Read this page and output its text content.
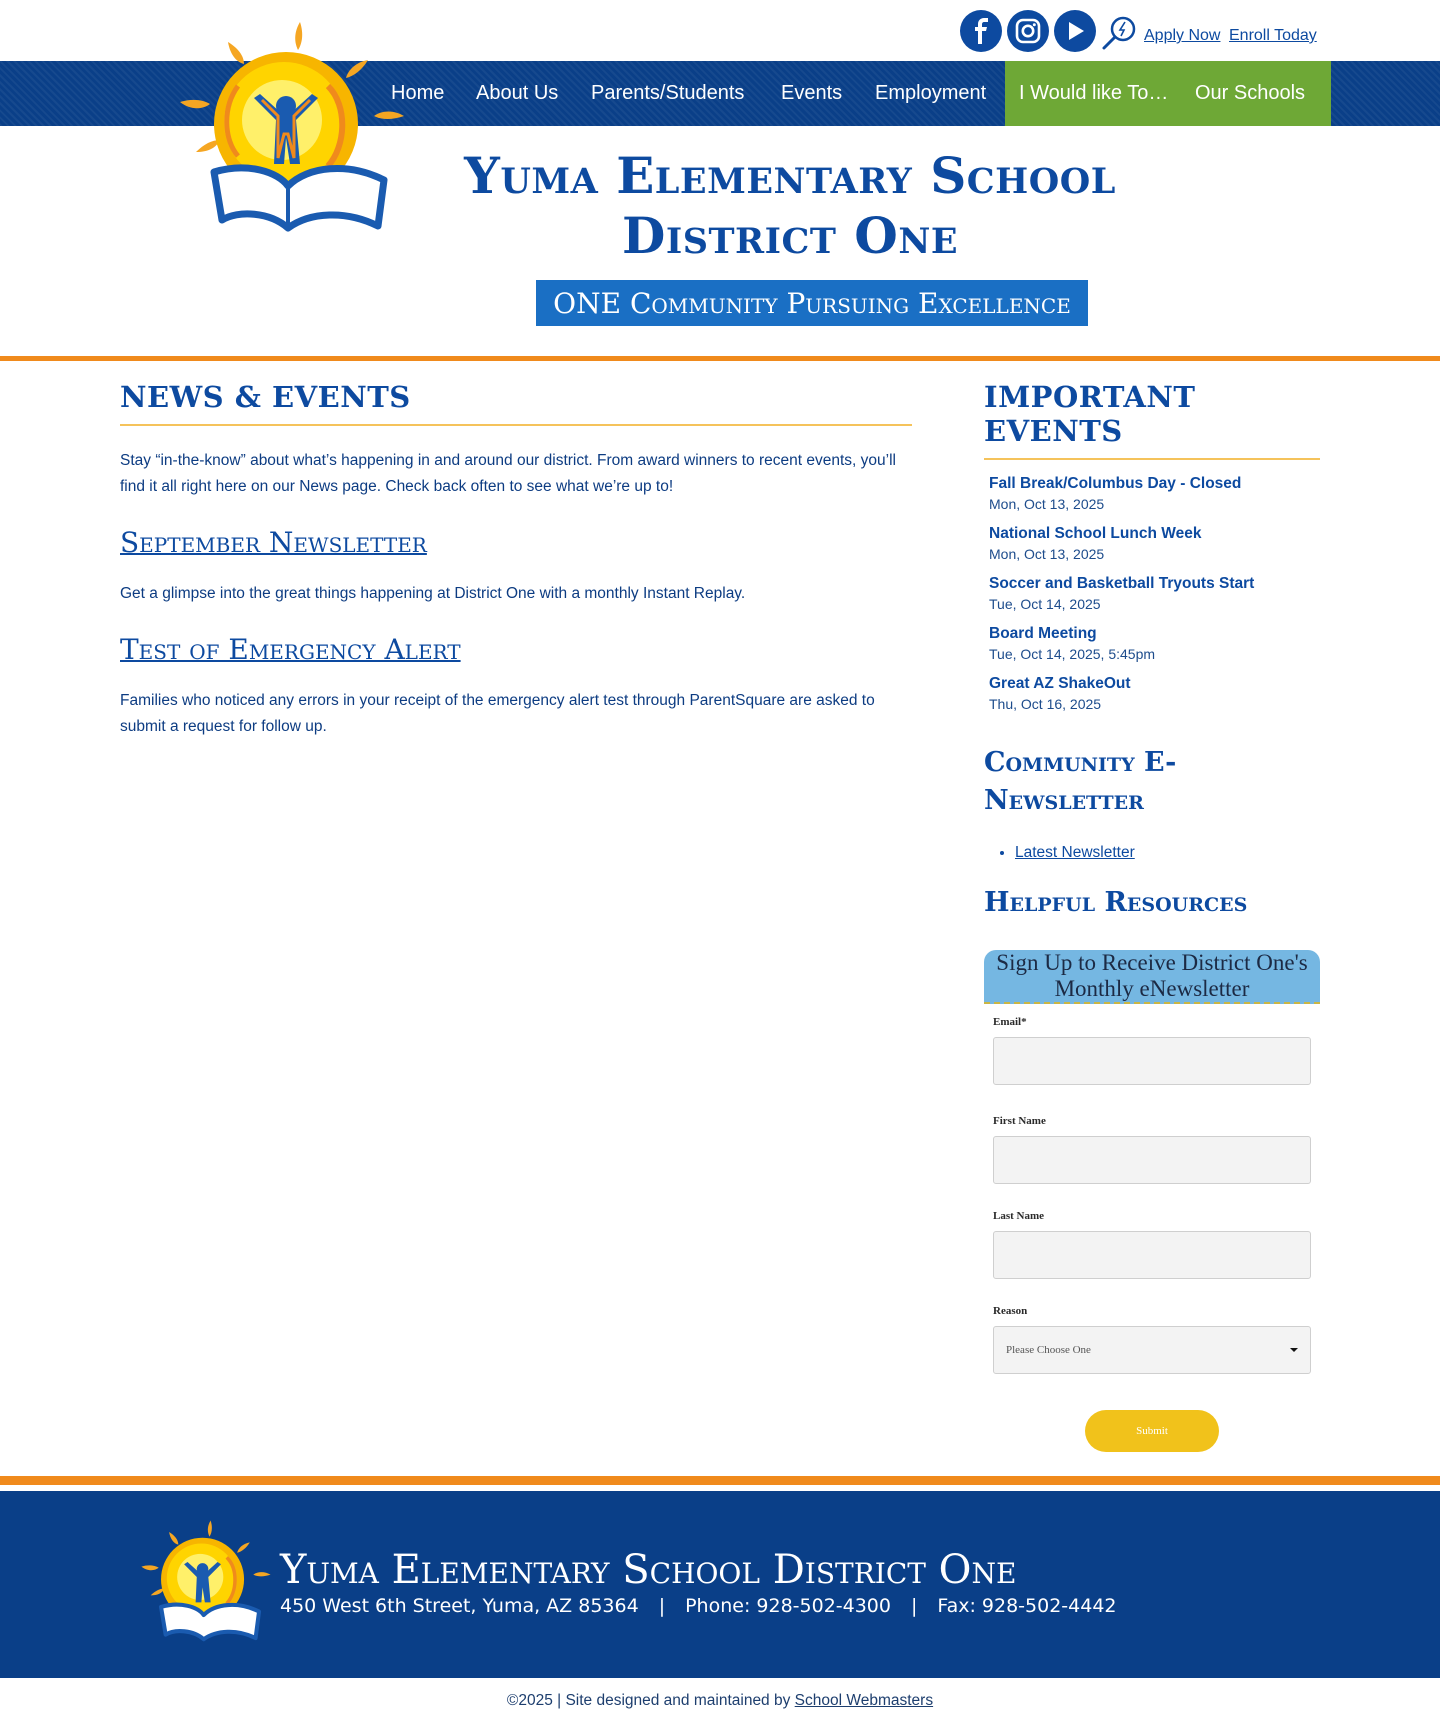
Apply Now Enroll Today
Home	About Us	Parents/Students	Events	Employment	I Would like To…	Our Schools
Yuma Elementary School District One
ONE Community Pursuing Excellence
NEWS & EVENTS

Stay “in-the-know” about what’s happening in and around our district. From award winners to recent events, you’ll find it all right here on our News page. Check back often to see what we’re up to!

September Newsletter

Get a glimpse into the great things happening at District One with a monthly Instant Replay.

Test of Emergency Alert

Families who noticed any errors in your receipt of the emergency alert test through ParentSquare are asked to submit a request for follow up.

IMPORTANT EVENTS
Fall Break/Columbus Day - Closed
Mon, Oct 13, 2025
National School Lunch Week
Mon, Oct 13, 2025
Soccer and Basketball Tryouts Start
Tue, Oct 14, 2025
Board Meeting
Tue, Oct 14, 2025, 5:45pm
Great AZ ShakeOut
Thu, Oct 16, 2025
Community E-Newsletter
• Latest Newsletter
Helpful Resources
Sign Up to Receive District One's Monthly eNewsletter
Email*
First Name
Last Name
Reason
Please Choose One
Submit
Yuma Elementary School District One
450 West 6th Street, Yuma, AZ 85364 | Phone: 928-502-4300 | Fax: 928-502-4442
©2025 | Site designed and maintained by School Webmasters
